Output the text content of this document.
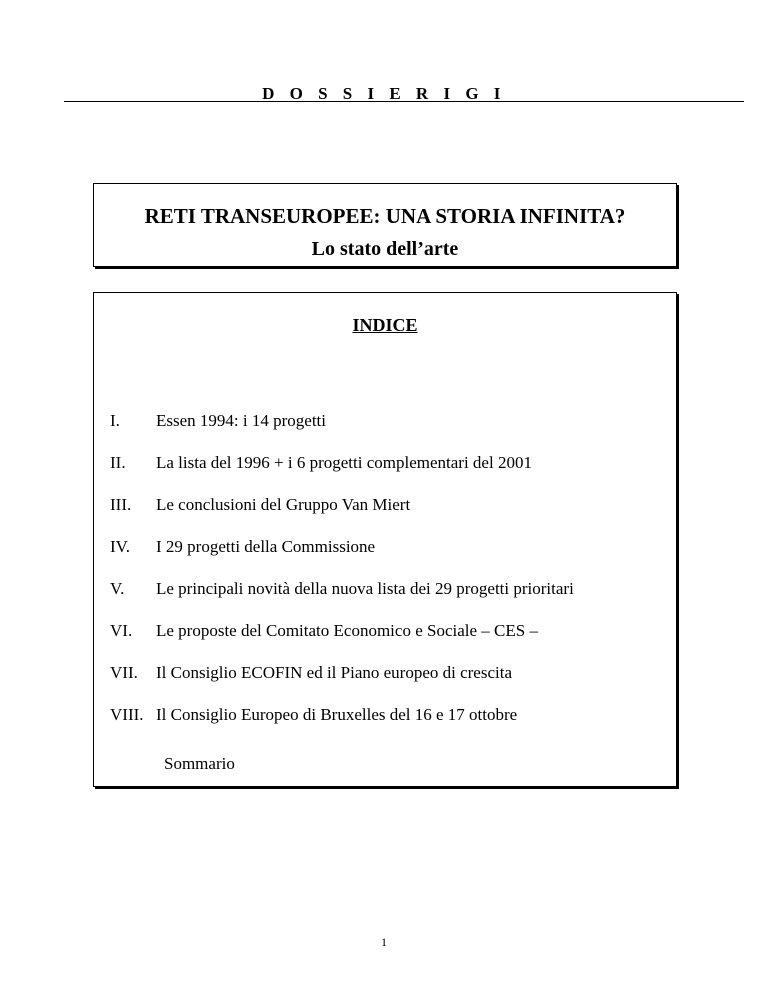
D O S S I E R I G I
RETI TRANSEUROPEE: UNA STORIA INFINITA?
Lo stato dell’arte
INDICE
I. Essen 1994: i 14 progetti
II. La lista del 1996 + i 6 progetti complementari del 2001
III. Le conclusioni del Gruppo Van Miert
IV. I 29 progetti della Commissione
V. Le principali novità della nuova lista dei 29 progetti prioritari
VI. Le proposte del Comitato Economico e Sociale – CES –
VII. Il Consiglio ECOFIN ed il Piano europeo di crescita
VIII. Il Consiglio Europeo di Bruxelles del 16 e 17 ottobre
Sommario
1
